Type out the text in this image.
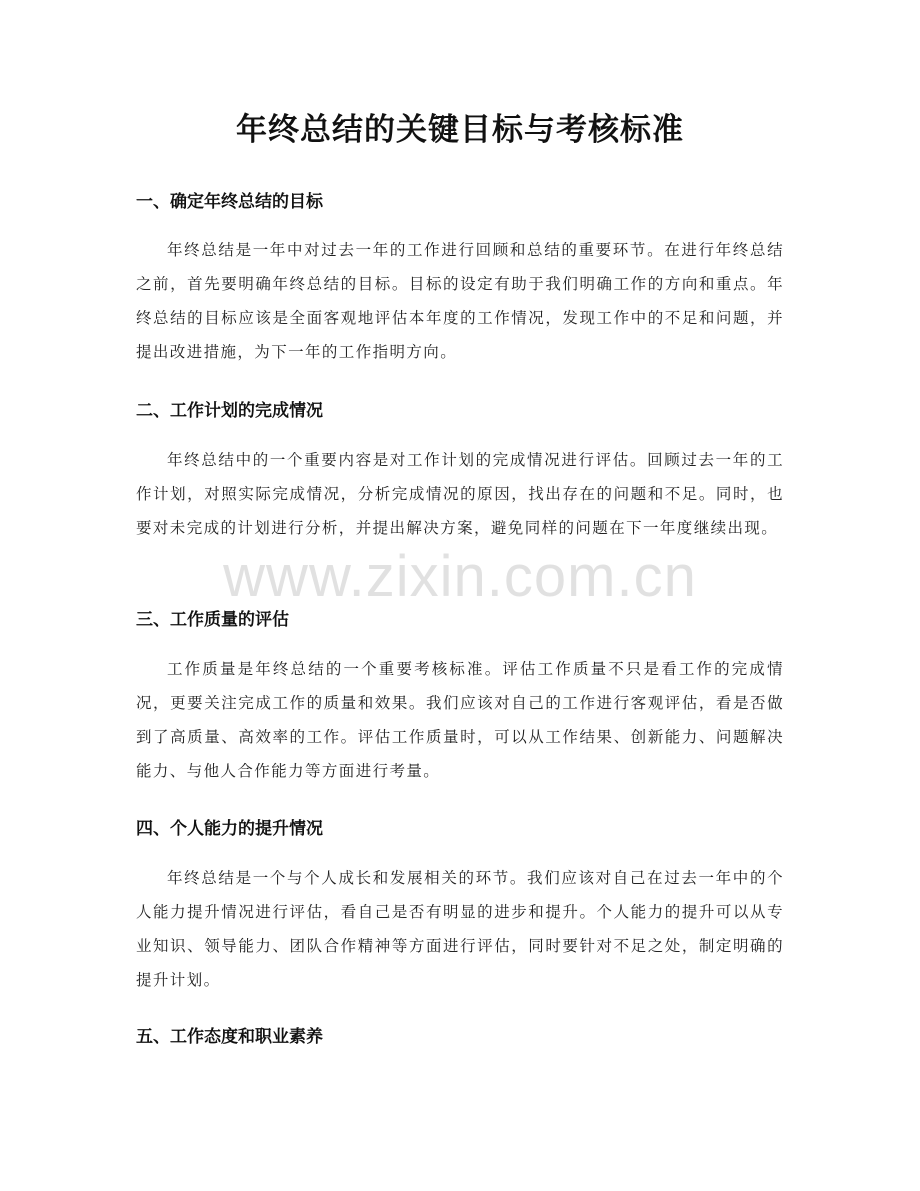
年终总结的关键目标与考核标准
一、确定年终总结的目标

年终总结是一年中对过去一年的工作进行回顾和总结的重要环节。在进行年终总结之前，首先要明确年终总结的目标。目标的设定有助于我们明确工作的方向和重点。年终总结的目标应该是全面客观地评估本年度的工作情况，发现工作中的不足和问题，并提出改进措施，为下一年的工作指明方向。

二、工作计划的完成情况

年终总结中的一个重要内容是对工作计划的完成情况进行评估。回顾过去一年的工作计划，对照实际完成情况，分析完成情况的原因，找出存在的问题和不足。同时，也要对未完成的计划进行分析，并提出解决方案，避免同样的问题在下一年度继续出现。

三、工作质量的评估

工作质量是年终总结的一个重要考核标准。评估工作质量不只是看工作的完成情况，更要关注完成工作的质量和效果。我们应该对自己的工作进行客观评估，看是否做到了高质量、高效率的工作。评估工作质量时，可以从工作结果、创新能力、问题解决能力、与他人合作能力等方面进行考量。

四、个人能力的提升情况

年终总结是一个与个人成长和发展相关的环节。我们应该对自己在过去一年中的个人能力提升情况进行评估，看自己是否有明显的进步和提升。个人能力的提升可以从专业知识、领导能力、团队合作精神等方面进行评估，同时要针对不足之处，制定明确的提升计划。

五、工作态度和职业素养
www.zixin.com.cn
